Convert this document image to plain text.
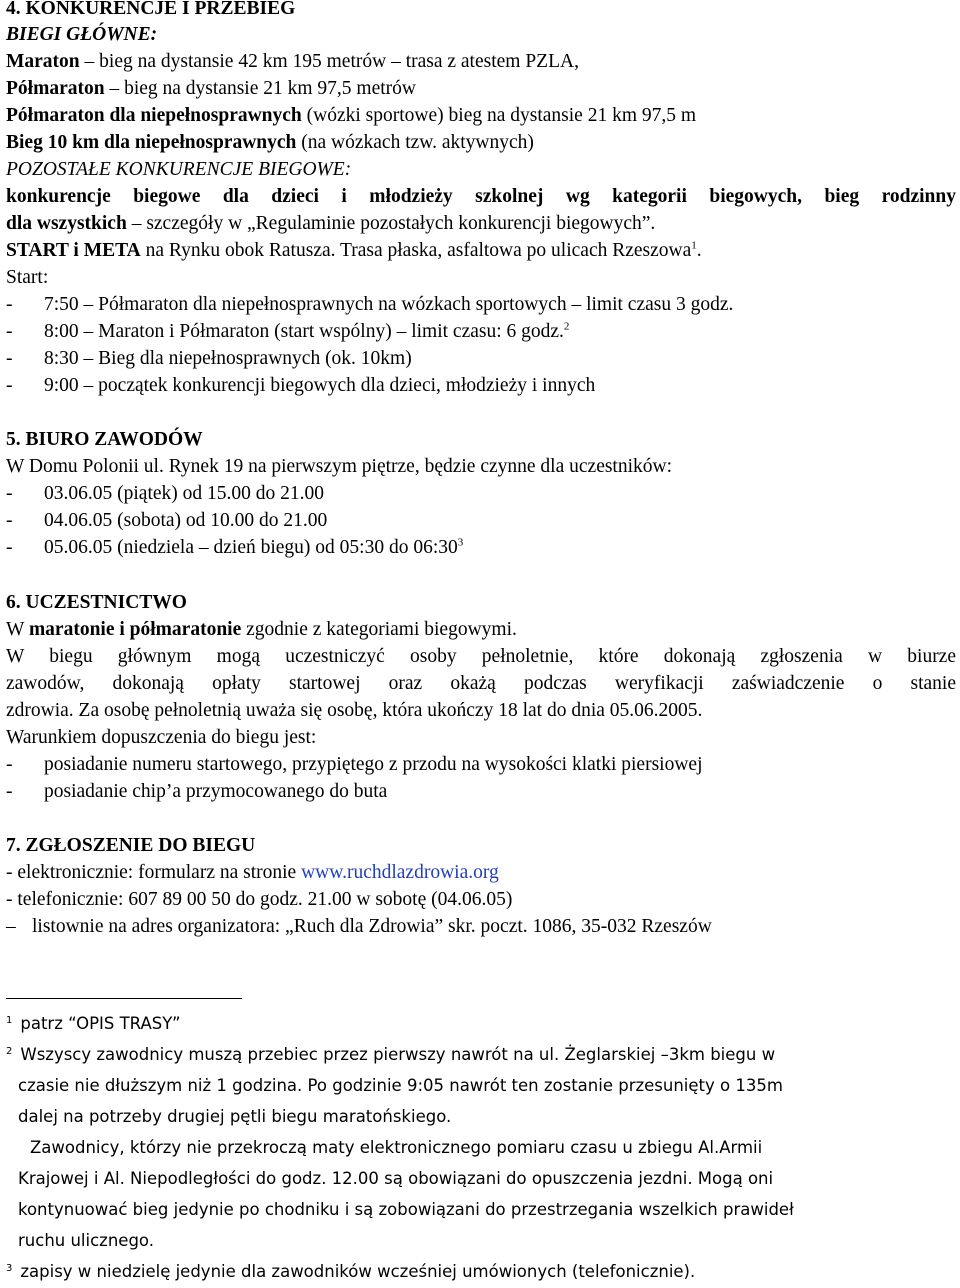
4. KONKURENCJE I PRZEBIEG
BIEGI GŁÓWNE:
Maraton – bieg na dystansie 42 km 195 metrów – trasa z atestem PZLA,
Półmaraton – bieg na dystansie 21 km 97,5 metrów
Półmaraton dla niepełnosprawnych (wózki sportowe) bieg na dystansie 21 km 97,5 m
Bieg 10 km dla niepełnosprawnych (na wózkach tzw. aktywnych)
POZOSTAŁE KONKURENCJE BIEGOWE:
konkurencje biegowe dla dzieci i młodzieży szkolnej wg kategorii biegowych, bieg rodzinny
dla wszystkich – szczegóły w „Regulaminie pozostałych konkurencji biegowych”.
START i META na Rynku obok Ratusza. Trasa płaska, asfaltowa po ulicach Rzeszowa$^1$.
Start:
- 7:50 – Półmaraton dla niepełnosprawnych na wózkach sportowych – limit czasu 3 godz.
- 8:00 – Maraton i Półmaraton (start wspólny) – limit czasu: 6 godz.$^2$
- 8:30 – Bieg dla niepełnosprawnych (ok. 10km)
- 9:00 – początek konkurencji biegowych dla dzieci, młodzieży i innych
5. BIURO ZAWODÓW
W Domu Polonii ul. Rynek 19 na pierwszym piętrze, będzie czynne dla uczestników:
- 03.06.05 (piątek) od 15.00 do 21.00
- 04.06.05 (sobota) od 10.00 do 21.00
- 05.06.05 (niedziela – dzień biegu) od 05:30 do $06:30^3$
6. UCZESTNICTWO
W maratonie i półmaratonie zgodnie z kategoriami biegowymi.
W biegu głównym mogą uczestniczyć osoby pełnoletnie, które dokonają zgłoszenia w biurze
zawodów, dokonają opłaty startowej oraz okażą podczas weryfikacji zaświadczenie o stanie
zdrowia. Za osobę pełnoletnią uważa się osobę, która ukończy 18 lat do dnia 05.06.2005.
Warunkiem dopuszczenia do biegu jest:
- posiadanie numeru startowego, przypiętego z przodu na wysokości klatki piersiowej
- posiadanie chip’a przymocowanego do buta
7. ZGŁOSZENIE DO BIEGU
- elektronicznie: formularz na stronie www.ruchdlazdrowia.org
- telefonicznie: 607 89 00 50 do godz. 21.00 w sobotę (04.06.05)
– listownie na adres organizatora: „Ruch dla Zdrowia” skr. poczt. 1086, 35-032 Rzeszów
$^1$ patrz “OPIS TRASY”
$^2$ Wszyscy zawodnicy muszą przebiec przez pierwszy nawrót na ul. Żeglarskiej –3km biegu w
czasie nie dłuższym niż 1 godzina. Po godzinie 9:05 nawrót ten zostanie przesunięty o 135m
dalej na potrzeby drugiej pętli biegu maratońskiego.
Zawodnicy, którzy nie przekroczą maty elektronicznego pomiaru czasu u zbiegu Al.Armii
Krajowej i Al. Niepodległości do godz. 12.00 są obowiązani do opuszczenia jezdni. Mogą oni
kontynuować bieg jedynie po chodniku i są zobowiązani do przestrzegania wszelkich prawideł
ruchu ulicznego.
$^3$ zapisy w niedzielę jedynie dla zawodników wcześniej umówionych (telefonicznie).
